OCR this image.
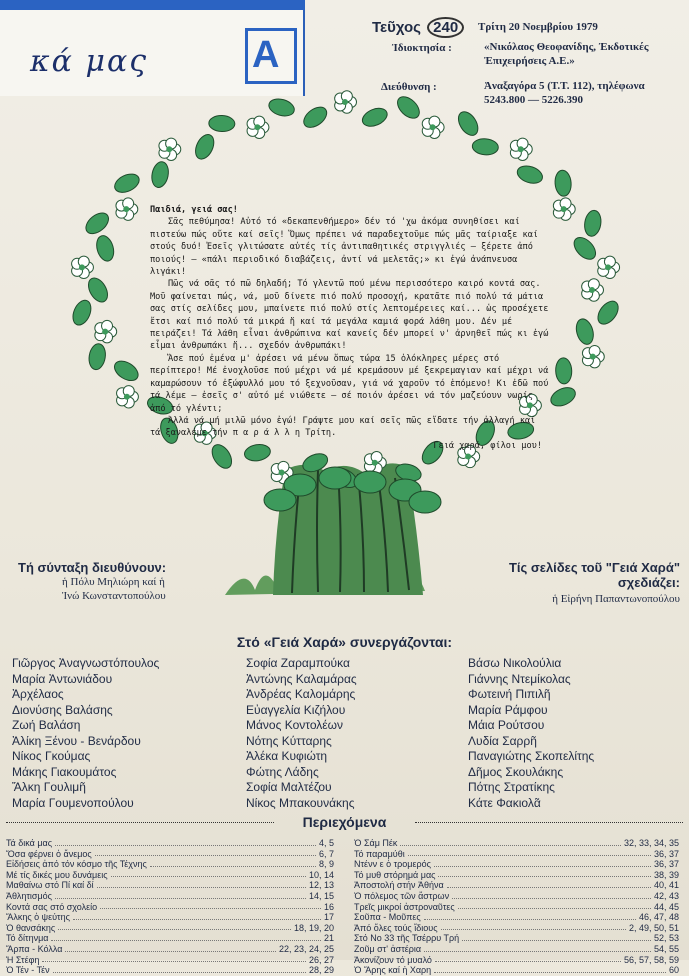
κά μας	Α
Τεῦχος 240	Τρίτη 20 Νοεμβρίου 1979
Ἰδιοκτησία :	«Νικόλαος Θεοφανίδης, Ἐκδοτικές Ἐπιχειρήσεις Α.Ε.»
Διεύθυνση :	Ἀναξαγόρα 5 (Τ.Τ. 112), τηλέφωνα 5243.800 — 5226.390

Παιδιά, γειά σας!

Σᾶς πεθύμησα! Αὐτό τό «δεκαπενθήμερο» δέν τό 'χω ἀκόμα συνηθίσει καί πιστεύω πώς οὔτε καί σεῖς! Ὅμως πρέπει νά παραδεχτοῦμε πώς μᾶς ταίριαξε καί στούς δυό! Ἐσεῖς γλιτώσατε αὐτές τίς ἀντιπαθητικές στριγγλιές — ξέρετε ἀπό ποιούς! — «πάλι περιοδικό διαβάζεις, ἀντί νά μελετᾶς;» κι ἐγώ ἀνάπνευσα λιγάκι!

Πῶς νά σᾶς τό πῶ δηλαδή; Τό γλεντῶ πού μένω περισσότερο καιρό κοντά σας. Μοῦ φαίνεται πώς, νά, μοῦ δίνετε πιό πολύ προσοχή, κρατᾶτε πιό πολύ τά μάτια σας στίς σελίδες μου, μπαίνετε πιό πολύ στίς λεπτομέρειες καί... ὡς προσέχετε ἔτσι καί πιό πολύ τά μικρά ἤ καί τά μεγάλα καμιά φορά λάθη μου. Δέν μέ πειράζει! Τά λάθη εἶναι ἀνθρώπινα καί κανείς δέν μπορεί ν' ἀρνηθεῖ πώς κι ἐγώ εἶμαι ἀνθρωπάκι ἤ... σχεδόν ἀνθρωπάκι!

Ἄσε πού ἐμένα μ' ἀρέσει νά μένω ὅπως τώρα 15 ὁλόκληρες μέρες στό περίπτερο! Μέ ἐνοχλοῦσε πού μέχρι νά μέ κρεμάσουν μέ ξεκρεμαγιαν καί μέχρι νά καμαρώσουν τό ἐξώφυλλό μου τό ξεχνοῦσαν, γιά νά χαροῦν τό ἑπόμενο! Κι ἐδῶ πού τά λέμε — ἐσεῖς σ' αὐτό μέ νιώθετε — σέ ποιόν ἀρέσει νά τόν μαζεύουν νωρίς ἀπό τό γλέντι;

Ἀλλά νά μή μιλῶ μόνο ἐγώ! Γράψτε μου καί σεῖς πῶς εἴδατε τήν ἀλλαγή καί τά ξαναλέμε τήν π α ρ ά λ λ η Τρίτη.

Γειά χαρά, φίλοι μου!

Τή σύνταξη διευθύνουν:
ἡ Πόλυ Μηλιώρη καί ἡ
Ἰνώ Κωνσταντοπούλου
Τίς σελίδες τοῦ "Γειά Χαρά" σχεδιάζει:
ἡ Εἰρήνη Παπαντωνοπούλου
Στό «Γειά Χαρά» συνεργάζονται:
Γιῶργος Ἀναγνωστόπουλος
Μαρία Ἀντωνιάδου
Ἀρχέλαος
Διονύσης Βαλάσης
Ζωή Βαλάση
Ἀλίκη Ξένου - Βενάρδου
Νίκος Γκούμας
Μάκης Γιακουμάτος
Ἄλκη Γουλιμῆ
Μαρία Γουμενοπούλου
Σοφία Ζαραμπούκα
Ἀντώνης Καλαμάρας
Ἀνδρέας Καλομάρης
Εὐαγγελία Κιζήλου
Μάνος Κοντολέων
Νότης Κύτταρης
Ἀλέκα Κυφιώτη
Φώτης Λάδης
Σοφία Μαλτέζου
Νίκος Μπακουνάκης
Βάσω Νικολούλια
Γιάννης Ντεμίκολας
Φωτεινή Πιπιλῆ
Μαρία Ράμφου
Μάια Ρούτσου
Λυδία Σαρρῆ
Παναγιώτης Σκοπελίτης
Δῆμος Σκουλάκης
Πότης Στρατίκης
Κάτε Φακιολᾶ
Περιεχόμενα
Τά δικά μας	4, 5
Ὅσα φέρνει ὁ ἄνεμος	6, 7
Εἰδήσεις ἀπό τόν κόσμο τῆς Τέχνης	8, 9
Μέ τίς δικές μου δυνάμεις	10, 14
Μαθαίνω στό Πί καί δί	12, 13
Ἀθλητισμός	14, 15
Κοντά σας στό σχολείο	16
Ἄλκης ὁ ψεύτης	17
Ὁ θανσάκης	18, 19, 20
Τό δίτηνμα	21
Ἄρπα - Κόλλα	22, 23, 24, 25
Ἡ Στέφη	26, 27
Ὁ Τέν - Τέν	28, 29
Ὁ Σάμ Πέκ	32, 33, 34, 35
Τό παραμύθι	36, 37
Ντένν ε ὁ τρομερός	36, 37
Τό μυθ στόρημά μας	38, 39
Ἀποστολή στήν Ἀθήνα	40, 41
Ὁ πόλεμος τῶν ἄστρων	42, 43
Τρεῖς μικροί ἀστροναῦτες	44, 45
Σοῦπα - Μοῦπες	46, 47, 48
Ἀπό ὅλες τούς ἴδιους	2, 49, 50, 51
Στό Νο 33 τῆς Τσέρρυ Τρή	52, 53
Ζοῦμ στ' ἀστέρια	54, 55
Ἀκονίζουν τό μυαλό	56, 57, 58, 59
Ὁ Ἄρης καί ἡ Χαρη	60
